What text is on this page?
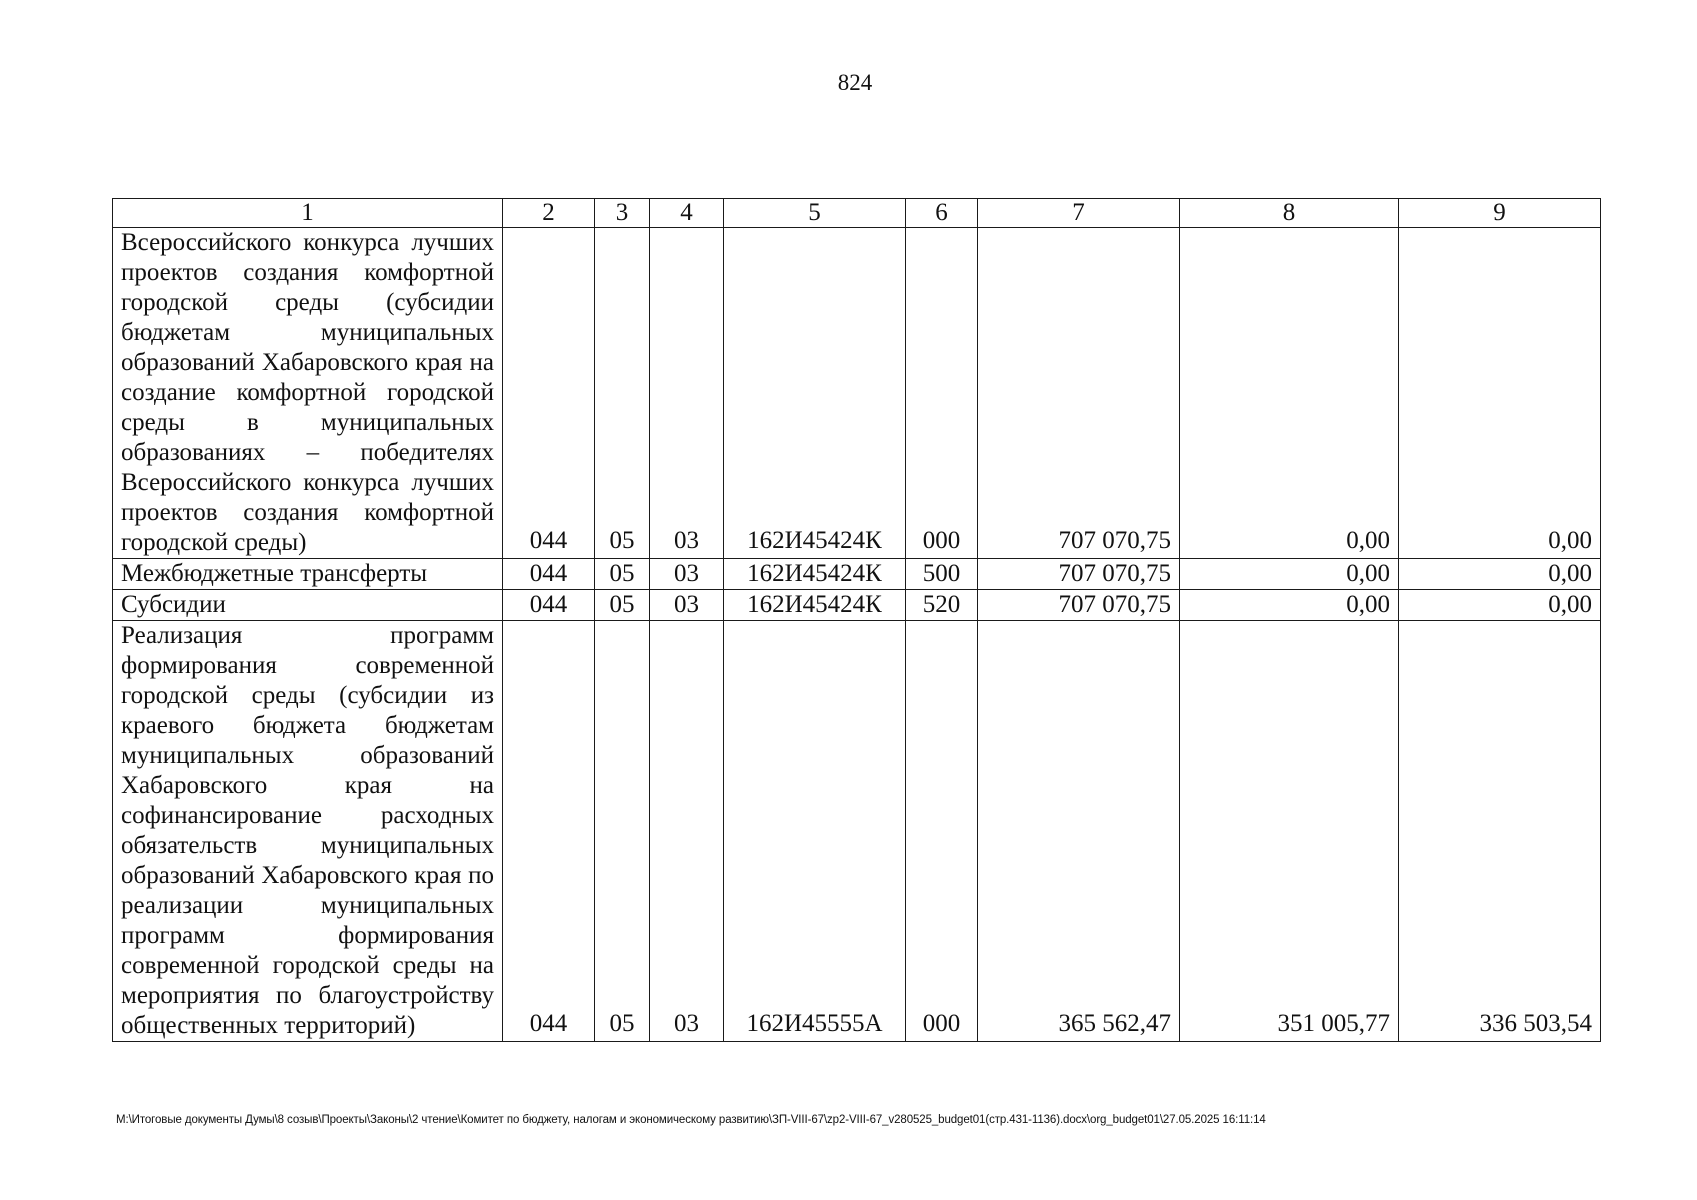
824
1	2	3	4	5	6	7	8	9
Всероссийского конкурса лучших проектов создания комфортной городской среды (субсидии бюджетам муниципальных образований Хабаровского края на создание комфортной городской среды в муниципальных образованиях – победителях Всероссийского конкурса лучших проектов создания комфортной городской среды)	044	05	03	162И45424К	000	707 070,75	0,00	0,00
Межбюджетные трансферты	044	05	03	162И45424К	500	707 070,75	0,00	0,00
Субсидии	044	05	03	162И45424К	520	707 070,75	0,00	0,00
Реализация программ формирования современной городской среды (субсидии из краевого бюджета бюджетам муниципальных образований Хабаровского края на софинансирование расходных обязательств муниципальных образований Хабаровского края по реализации муниципальных программ формирования современной городской среды на мероприятия по благоустройству общественных территорий)	044	05	03	162И45555А	000	365 562,47	351 005,77	336 503,54
M:\Итоговые документы Думы\8 созыв\Проекты\Законы\2 чтение\Комитет по бюджету, налогам и экономическому развитию\ЗП-VIII-67\zp2-VIII-67_v280525_budget01(стр.431-1136).docx\org_budget01\27.05.2025 16:11:14
